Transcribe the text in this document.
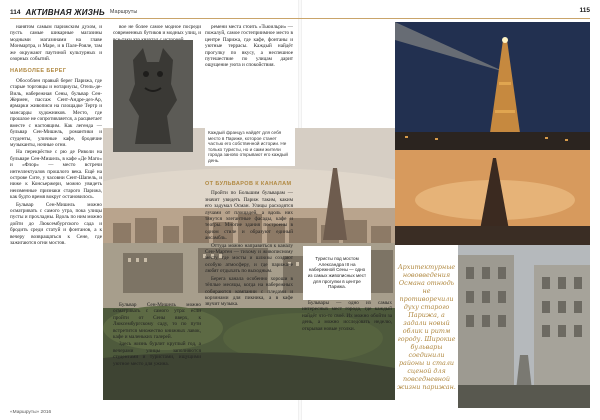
114 АКТИВНАЯ ЖИЗНЬ Маршруты	115

нанятом самым парижским духом, и пусть самые шикарные магазины модными магазинами на главе Монмартра, и Маре, и в Пале-Рояле, там же окружают паутиной культурных и озорных событий.

НАИБОЛЕЕ БЕРЕГ

Обособлен правый берег Парижа, где старые торговцы и нотариусы, Отель-де-Виль, набережная Сены, бульвар Сен-Жермен, пассаж Сент-Андре-дез-Ар, ярмарки живописи на площадке Тертр и мансарды художников. Место, где прошлое не сопротивляется, а расцветает вместе с настоящим. Как легенда — бульвар Сен-Мишель, романтики и студенты, уличные кафе, бродячие музыканты, ночные огни.

На перекрёстке с рю де Риволи на бульваре Сен-Мишель, в кафе «Де Маго» и «Флор» — место встречи интеллектуалов прошлого века. Ещё на острове Сите, у часовни Сент-Шапель, и ниже к Консьержери, можно увидеть неизменные признаки старого Парижа, как будто время вокруг остановилось.

Бульвар Сен-Мишель можно осматривать с самого утра, пока улицы пусты и прохладны. Вдоль по ним можно дойти до Люксембургского сада и бродить среди статуй и фонтанов, а к вечеру возвращаться к Сене, где зажигаются огни мостов.

вое не более самое модное посреди современных бутиков и модных улиц, и

ремени места стоить «Тьюильри» — пожалуй, самое гостеприимное место в центре Парижа, где кафе, фонтаны и уютные террасы. Каждый найдёт прогулку по вкусу, а неспешное путешествие по улицам дарит ощущение уюта и спокойствия.

Каждый француз найдёт для себя место в Париже, которое станет частью его собственной истории. Не только туристы, но и сами жители города заново открывают его каждый день.
ОТ БУЛЬВАРОВ К КАНАЛАМ

Пройти по Большим бульварам — значит увидеть Париж таким, каким его задумал Осман. Улицы расходятся лучами от площадей, а вдоль них тянутся элегантные фасады, кафе и театры. Многие здания построены в одном стиле и образуют единый ансамбль.

Оттуда можно направиться к каналу Сен-Мартен — тихому и живописному месту, где мосты и шлюзы создают особую атмосферу, и где парижане любят отдыхать по выходным.

Берега канала особенно хороши в тёплые месяцы, когда на набережных собираются компании с пледами и корзинами для пикника, а в кафе звучит музыка.

Бульвар Сен-Мишель можно осматривать с самого утра: если пройти от Сены вверх, к Люксембургскому саду, то по пути встретится множество книжных лавок, кафе и маленьких галерей.

Здесь жизнь бурлит круглый год, а вечерами улицы заполняются студентами и туристами, ищущими уютное место для ужина.

Туристы под мостом Александра III на набережной Сены — одно из самых живописных мест для прогулки в центре Парижа.

Бульвары — одно из самых интересных мест города, где каждый найдёт что-то своё. Их можно обойти за день, а можно исследовать неделю, открывая новые уголки.

Архитектурные нововведения Османа отнюдь не противоречили духу старого Парижа, а задали новый облик и ритм городу. Широкие бульвары соединили районы и стали сценой для повседневной жизни парижан.
«Маршруты» 2016
